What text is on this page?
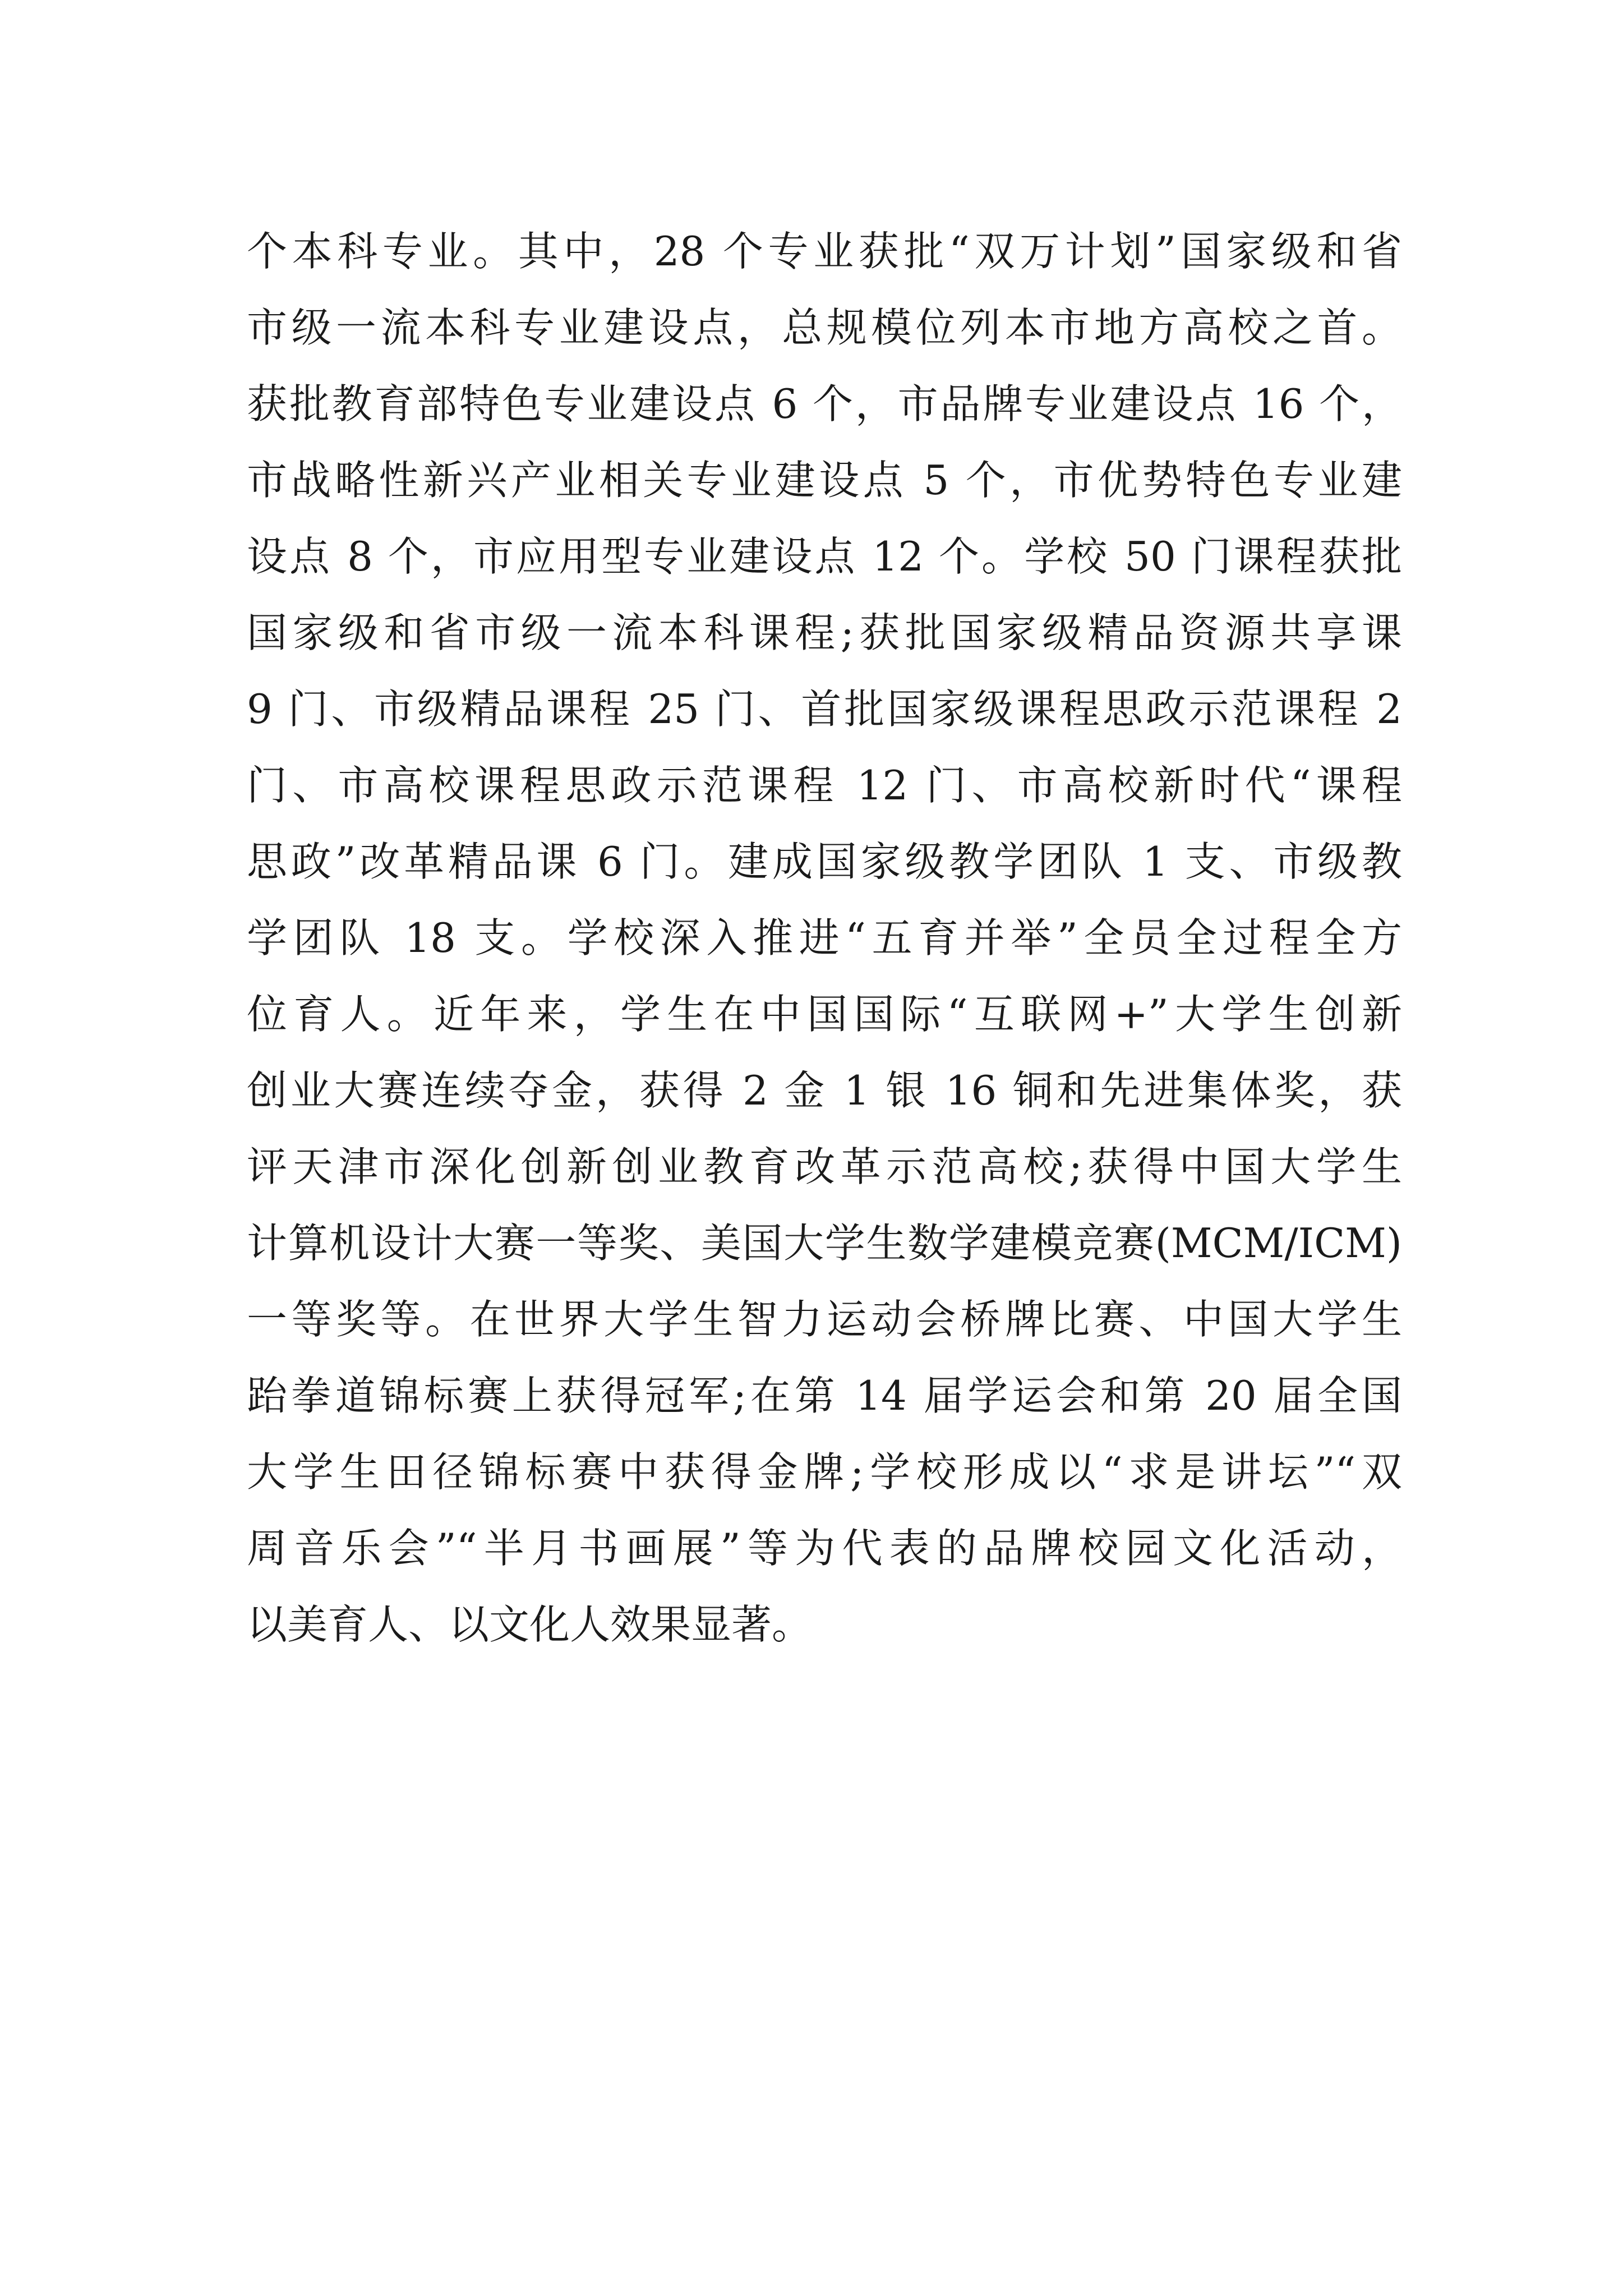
个本科专业。其中，28 个专业获批“双万计划”国家级和省
市级一流本科专业建设点，总规模位列本市地方高校之首。
获批教育部特色专业建设点 6 个，市品牌专业建设点 16 个，
市战略性新兴产业相关专业建设点 5 个，市优势特色专业建
设点 8 个，市应用型专业建设点 12 个。学校 50 门课程获批
国家级和省市级一流本科课程;获批国家级精品资源共享课
9 门、市级精品课程 25 门、首批国家级课程思政示范课程 2
门、市高校课程思政示范课程 12 门、市高校新时代“课程
思政”改革精品课 6 门。建成国家级教学团队 1 支、市级教
学团队 18 支。学校深入推进“五育并举”全员全过程全方
位育人。近年来，学生在中国国际“互联网+”大学生创新
创业大赛连续夺金，获得 2 金 1 银 16 铜和先进集体奖，获
评天津市深化创新创业教育改革示范高校;获得中国大学生
计算机设计大赛一等奖、美国大学生数学建模竞赛(MCM/ICM)
一等奖等。在世界大学生智力运动会桥牌比赛、中国大学生
跆拳道锦标赛上获得冠军;在第 14 届学运会和第 20 届全国
大学生田径锦标赛中获得金牌;学校形成以“求是讲坛”“双
周音乐会”“半月书画展”等为代表的品牌校园文化活动，
以美育人、以文化人效果显著。
